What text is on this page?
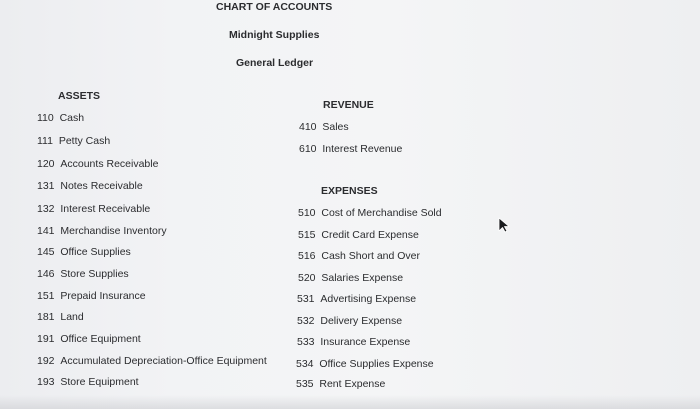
CHART OF ACCOUNTS
Midnight Supplies
General Ledger
ASSETS
110 Cash
111 Petty Cash
120 Accounts Receivable
131 Notes Receivable
132 Interest Receivable
141 Merchandise Inventory
145 Office Supplies
146 Store Supplies
151 Prepaid Insurance
181 Land
191 Office Equipment
192 Accumulated Depreciation-Office Equipment
193 Store Equipment
REVENUE
410 Sales
610 Interest Revenue
EXPENSES
510 Cost of Merchandise Sold
515 Credit Card Expense
516 Cash Short and Over
520 Salaries Expense
531 Advertising Expense
532 Delivery Expense
533 Insurance Expense
534 Office Supplies Expense
535 Rent Expense
